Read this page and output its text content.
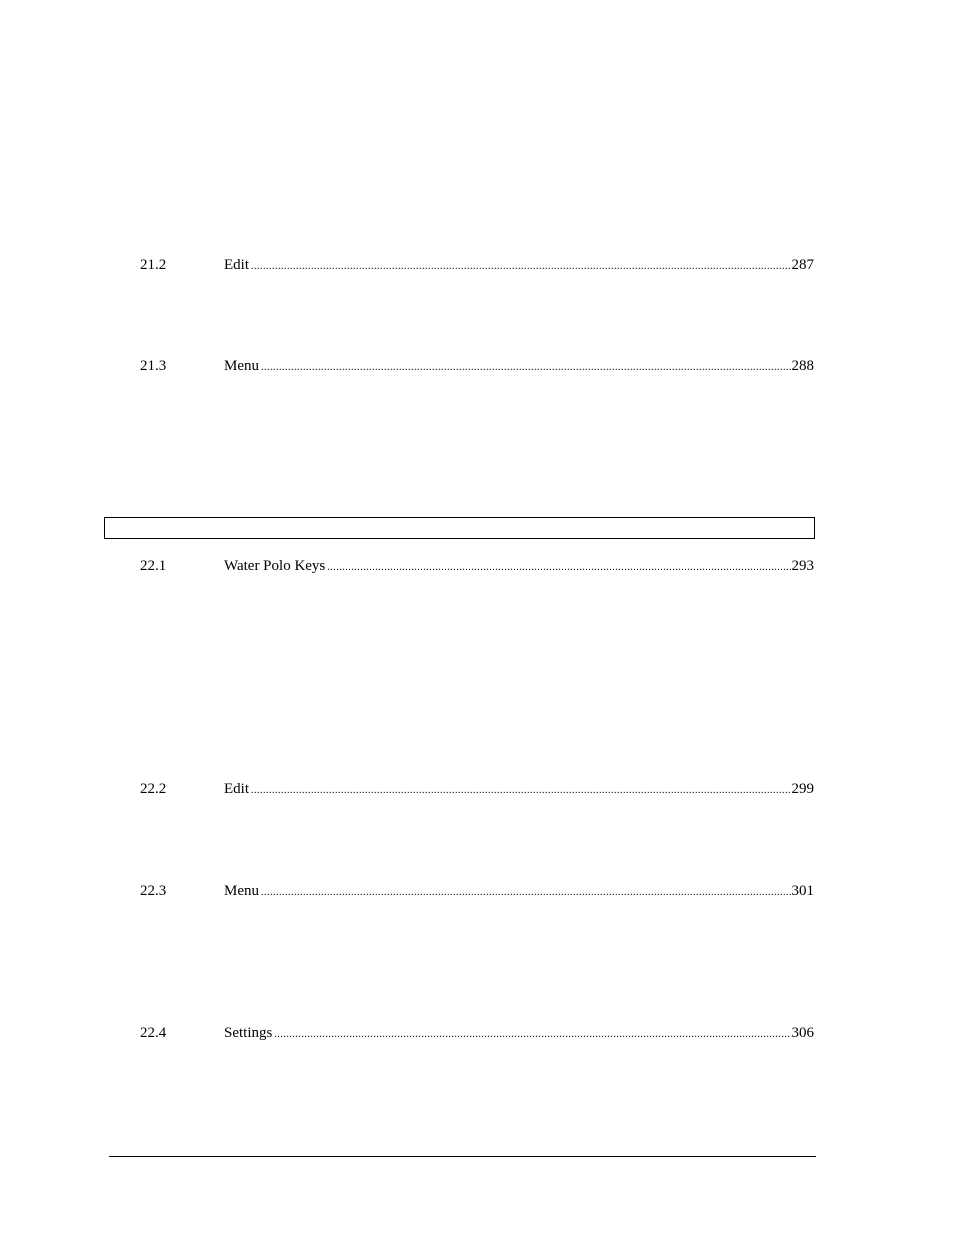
21.2	Edit .....	287
21.3	Menu .....	288
22.1	Water Polo Keys .....	293
22.2	Edit .....	299
22.3	Menu .....	301
22.4	Settings .....	306
